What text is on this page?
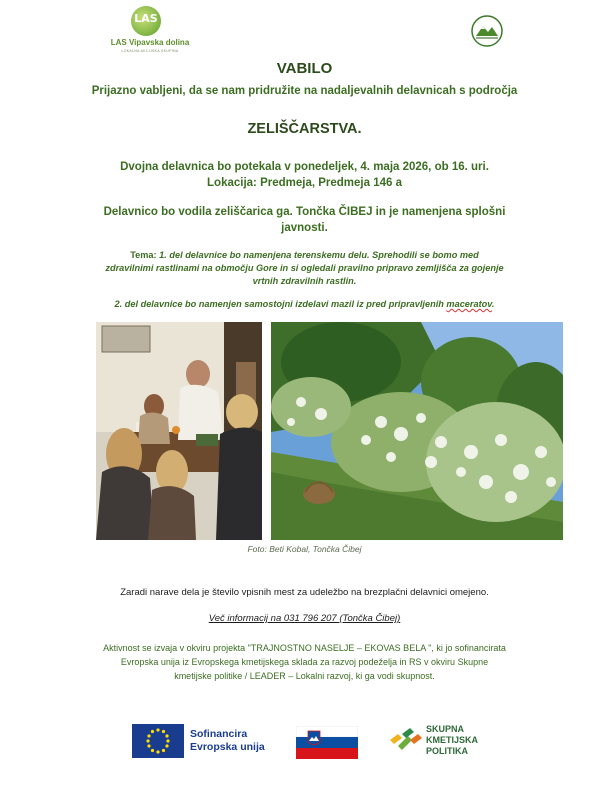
LAS
LAS Vipavska dolina
LOKALNA AKCIJSKA SKUPINA
VABILO
Prijazno vabljeni, da se nam pridružite na nadaljevalnih delavnicah s področja
ZELIŠČARSTVA.
Dvojna delavnica bo potekala v ponedeljek, 4. maja 2026, ob 16. uri.
Lokacija: Predmeja, Predmeja 146 a
Delavnico bo vodila zeliščarica ga. Tončka ČIBEJ in je namenjena splošni
javnosti.
Tema: 1. del delavnice bo namenjena terenskemu delu. Sprehodili se bomo med
zdravilnimi rastlinami na območju Gore in si ogledali pravilno pripravo zemljišča za gojenje
vrtnih zdravilnih rastlin.
2. del delavnice bo namenjen samostojni izdelavi mazil iz pred pripravljenih maceratov.
Foto: Beti Kobal, Tončka Čibej
Zaradi narave dela je število vpisnih mest za udeležbo na brezplačni delavnici omejeno.
Več informacij na 031 796 207 (Tončka Čibej)
Aktivnost se izvaja v okviru projekta "TRAJNOSTNO NASELJE – EKOVAS BELA ", ki jo sofinancirata
Evropska unija iz Evropskega kmetijskega sklada za razvoj podeželja in RS v okviru Skupne
kmetijske politike / LEADER – Lokalni razvoj, ki ga vodi skupnost.
Sofinancira
Evropska unija
SKUPNA
KMETIJSKA
POLITIKA
